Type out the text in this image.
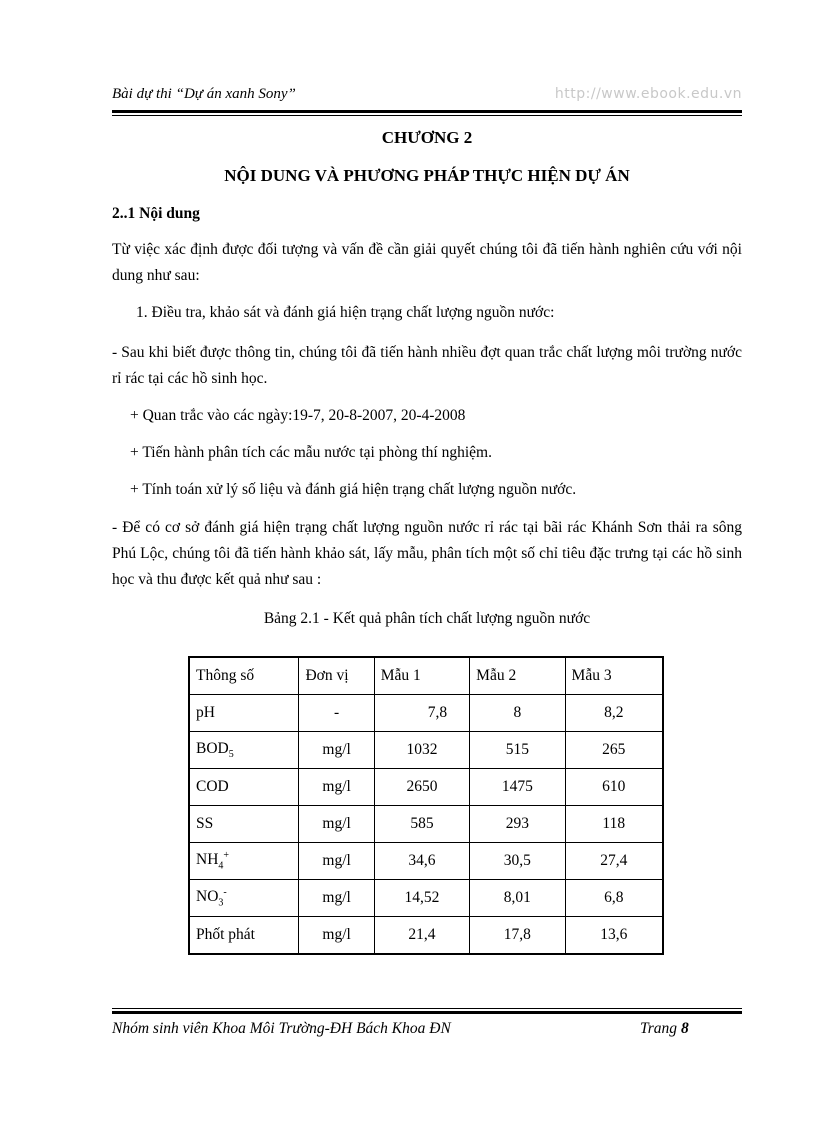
Bài dự thi “Dự án xanh Sony”	http://www.ebook.edu.vn
CHƯƠNG 2
NỘI DUNG VÀ PHƯƠNG PHÁP THỰC HIỆN DỰ ÁN
2..1 Nội dung

Từ việc xác định được đối tượng và vấn đề cần giải quyết chúng tôi đã tiến hành nghiên cứu với nội dung như sau:

1. Điều tra, khảo sát và đánh giá hiện trạng chất lượng nguồn nước:

- Sau khi biết được thông tin, chúng tôi đã tiến hành nhiều đợt quan trắc chất lượng môi trường nước rỉ rác tại các hồ sinh học.

+ Quan trắc vào các ngày:19-7, 20-8-2007, 20-4-2008
+ Tiến hành phân tích các mẫu nước tại phòng thí nghiệm.
+ Tính toán xử lý số liệu và đánh giá hiện trạng chất lượng nguồn nước.

- Để có cơ sở đánh giá hiện trạng chất lượng nguồn nước rỉ rác tại bãi rác Khánh Sơn thải ra sông Phú Lộc, chúng tôi đã tiến hành khảo sát, lấy mẫu, phân tích một số chỉ tiêu đặc trưng tại các hồ sinh học và thu được kết quả như sau :

Bảng 2.1 - Kết quả phân tích chất lượng nguồn nước
Thông số	Đơn vị	Mẫu 1	Mẫu 2	Mẫu 3
pH	-	7,8	8	8,2
$BOD_5$	mg/l	1032	515	265
COD	mg/l	2650	1475	610
SS	mg/l	585	293	118
$NH_4^+$	mg/l	34,6	30,5	27,4
$NO_3^-$	mg/l	14,52	8,01	6,8
Phốt phát	mg/l	21,4	17,8	13,6
Nhóm sinh viên Khoa Môi Trường-ĐH Bách Khoa ĐN	Trang 8
